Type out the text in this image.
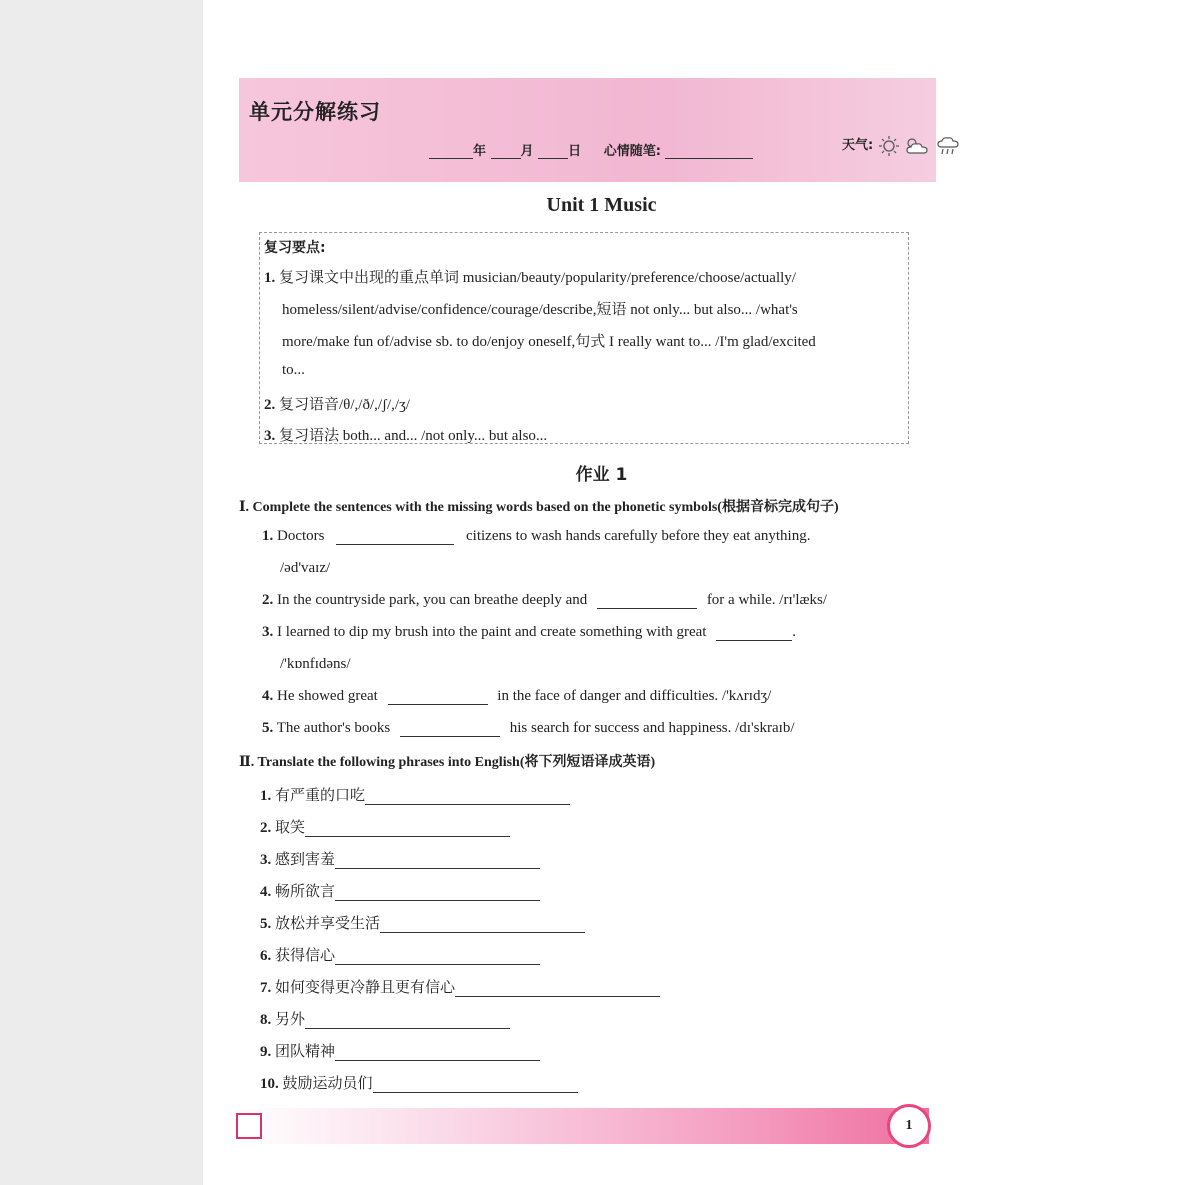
单元分解练习
年	月	日 心情随笔:	天气:
Unit 1 Music
复习要点:
1. 复习课文中出现的重点单词 musician/beauty/popularity/preference/choose/actually/
homeless/silent/advise/confidence/courage/describe,短语 not only... but also... /what's
more/make fun of/advise sb. to do/enjoy oneself,句式 I really want to... /I'm glad/excited
to...
2. 复习语音/θ/,/ð/,/ʃ/,/ʒ/
3. 复习语法 both... and... /not only... but also...
作业 1
Ⅰ. Complete the sentences with the missing words based on the phonetic symbols(根据音标完成句子)
1. Doctors	citizens to wash hands carefully before they eat anything.
/əd'vaɪz/
2. In the countryside park, you can breathe deeply and	for a while. /rɪ'læks/
3. I learned to dip my brush into the paint and create something with great	.
/'kɒnfɪdəns/
4. He showed great	in the face of danger and difficulties. /'kʌrɪdʒ/
5. The author's books	his search for success and happiness. /dɪ'skraɪb/
Ⅱ. Translate the following phrases into English(将下列短语译成英语)
1. 有严重的口吃
2. 取笑
3. 感到害羞
4. 畅所欲言
5. 放松并享受生活
6. 获得信心
7. 如何变得更冷静且更有信心
8. 另外
9. 团队精神
10. 鼓励运动员们
1
